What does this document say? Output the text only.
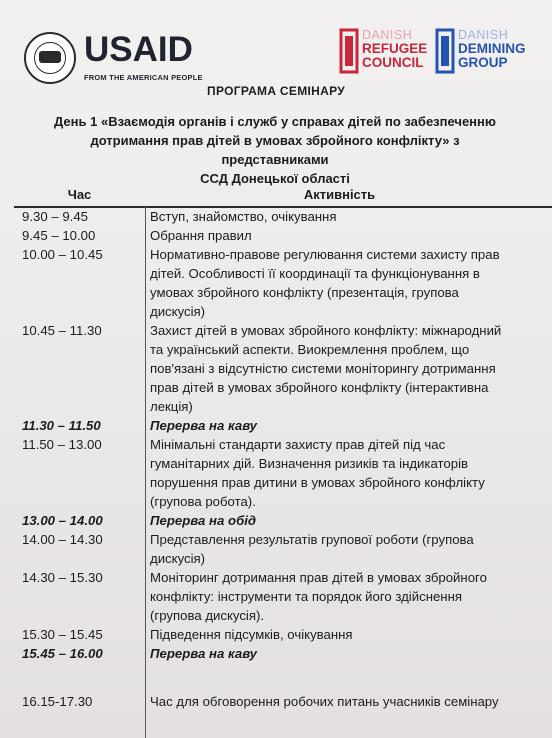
USAID
FROM THE AMERICAN PEOPLE
DANISH
REFUGEE
COUNCIL
DANISH
DEMINING
GROUP
ПРОГРАМА СЕМІНАРУ
День 1 «Взаємодія органів і служб у справах дітей по забезпеченню
дотримання прав дітей в умовах збройного конфлікту» з представниками
ССД Донецької області
Час	Активність
9.30 – 9.45	Вступ, знайомство, очікування
9.45 – 10.00	Обрання правил
10.00 – 10.45	Нормативно-правове регулювання системи захисту прав
дітей. Особливості її координації та функціонування в
умовах збройного конфлікту (презентація, групова
дискусія)
10.45 – 11.30	Захист дітей в умовах збройного конфлікту: міжнародний
та український аспекти. Виокремлення проблем, що
пов'язані з відсутністю системи моніторингу дотримання
прав дітей в умовах збройного конфлікту (інтерактивна
лекція)
11.30 – 11.50	Перерва на каву
11.50 – 13.00	Мінімальні стандарти захисту прав дітей під час
гуманітарних дій. Визначення ризиків та індикаторів
порушення прав дитини в умовах збройного конфлікту
(групова робота).
13.00 – 14.00	Перерва на обід
14.00 – 14.30	Представлення результатів групової роботи (групова
дискусія)
14.30 – 15.30	Моніторинг дотримання прав дітей в умовах збройного
конфлікту: інструменти та порядок його здійснення
(групова дискусія).
15.30 – 15.45	Підведення підсумків, очікування
15.45 – 16.00	Перерва на каву
16.15-17.30	Час для обговорення робочих питань учасників семінару
